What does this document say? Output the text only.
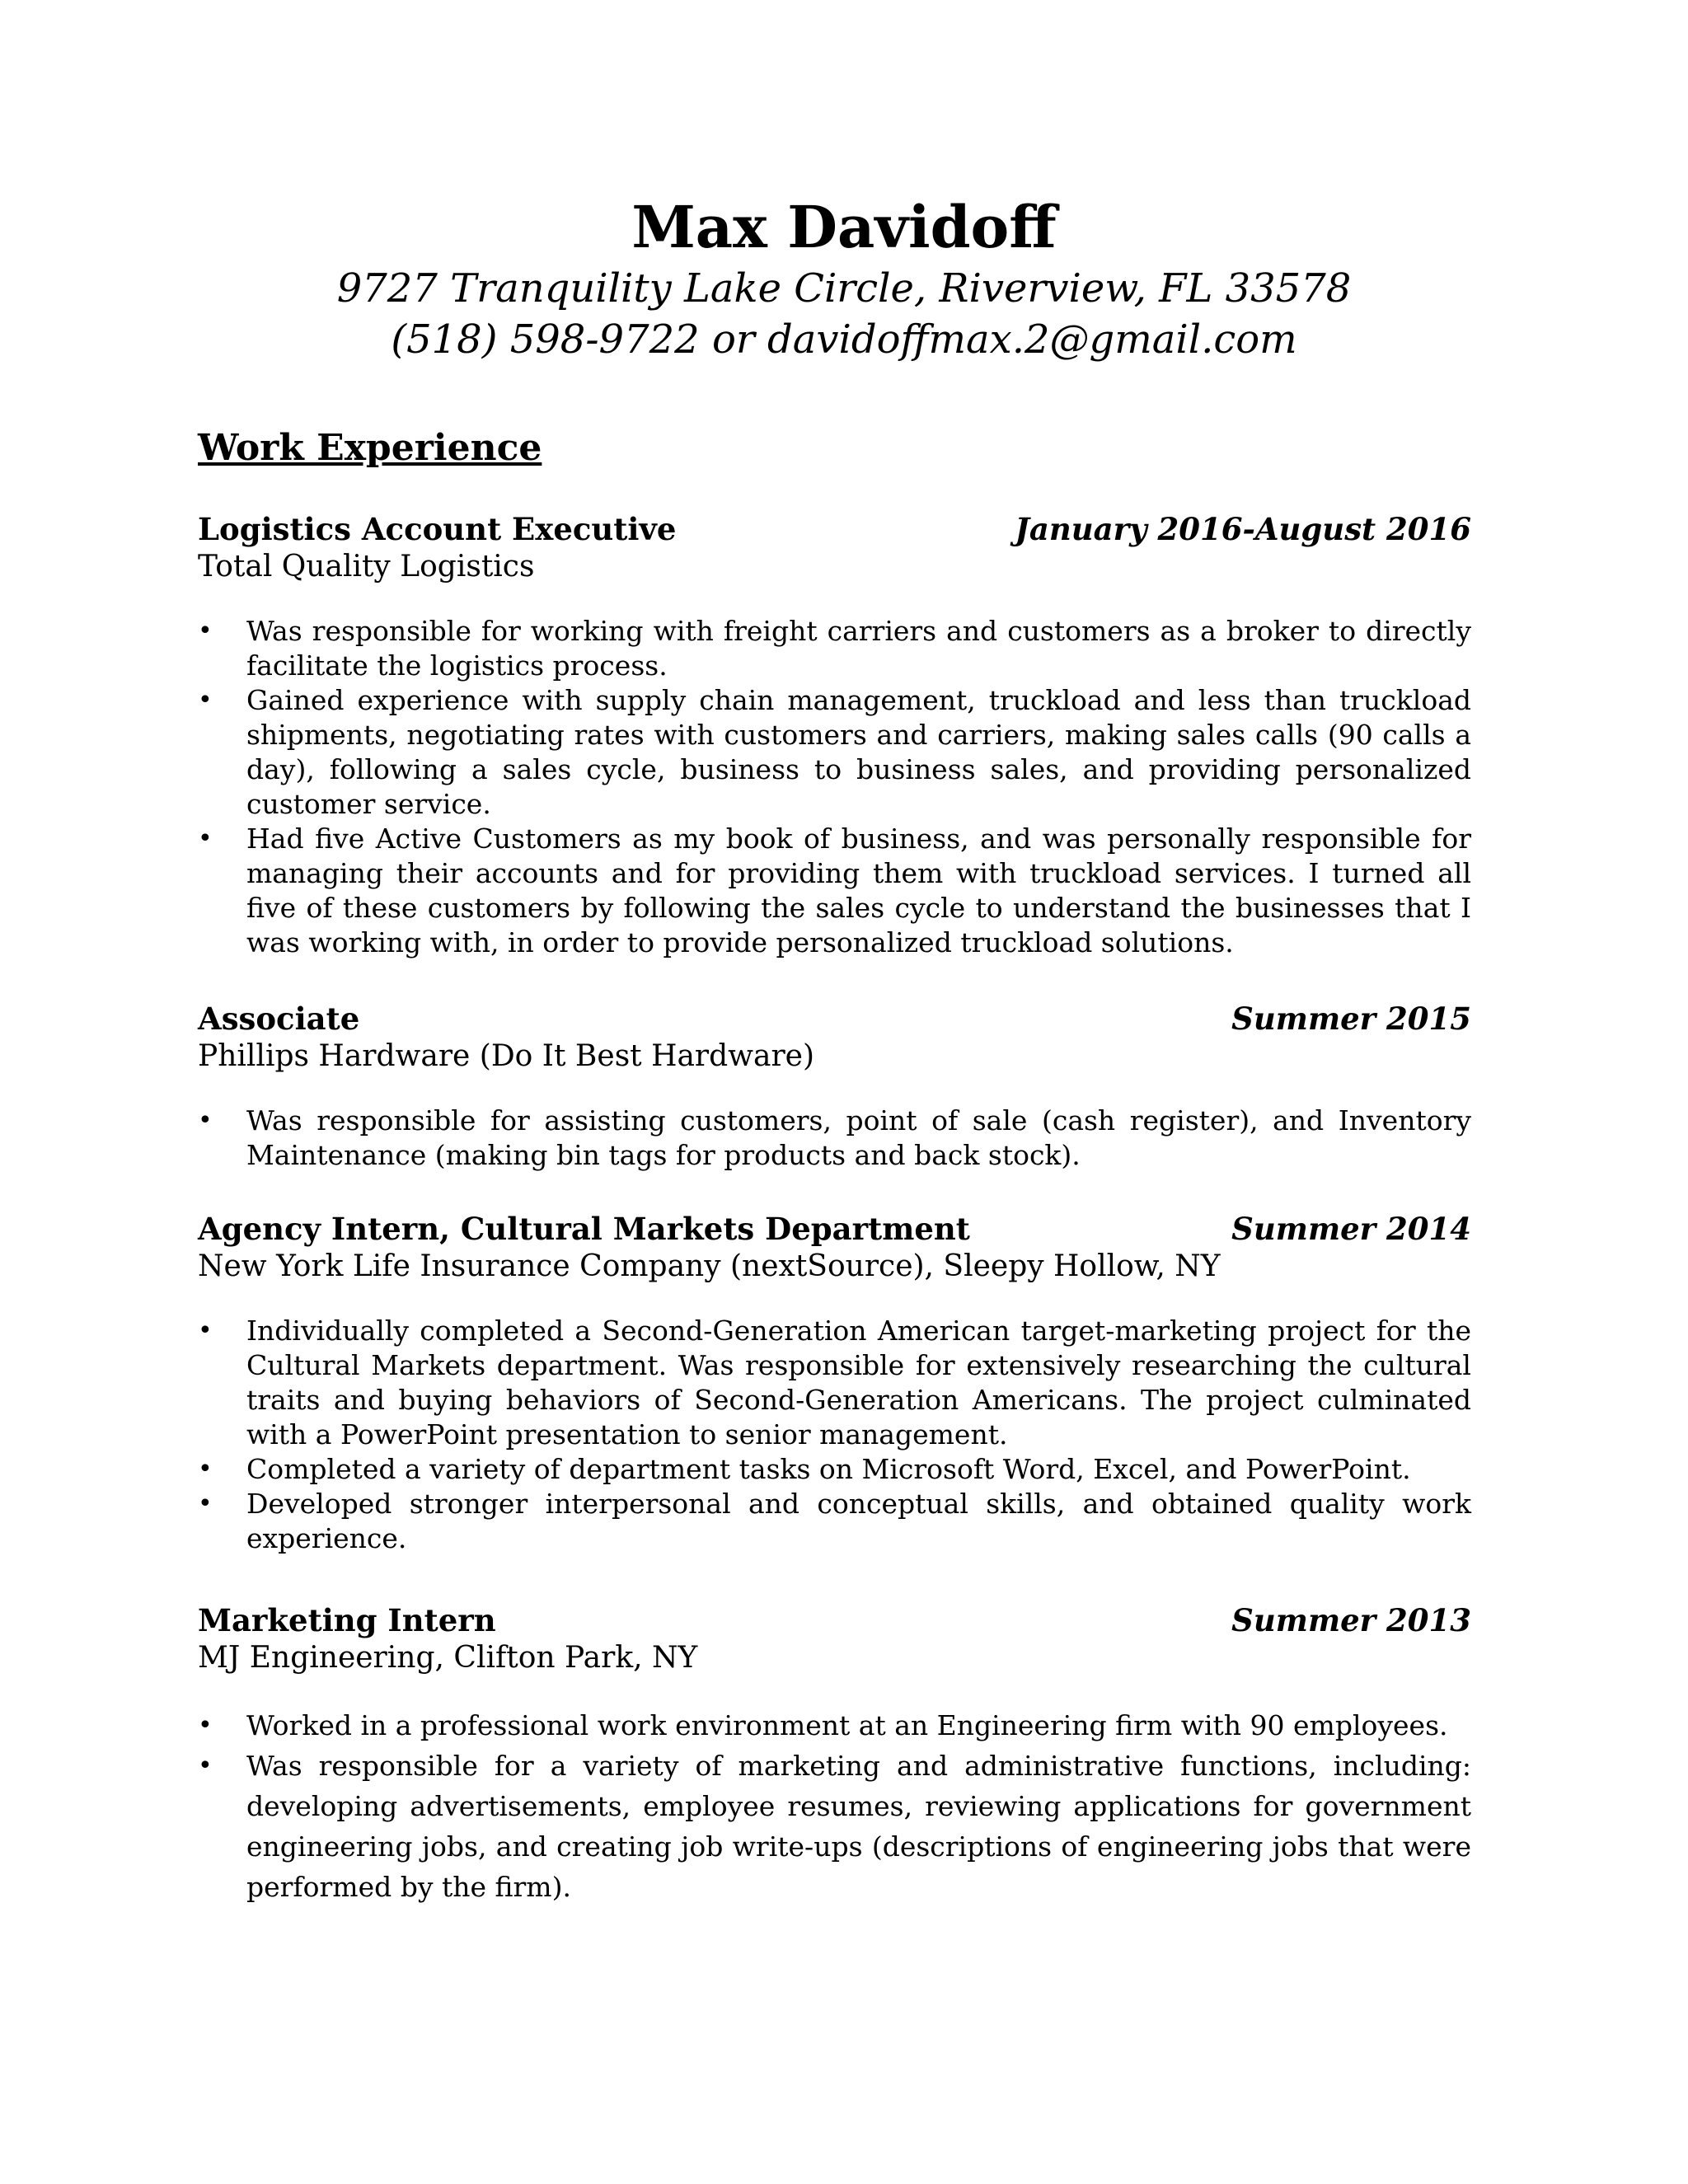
Max Davidoff
9727 Tranquility Lake Circle, Riverview, FL 33578
(518) 598-9722 or davidoffmax.2@gmail.com
Work Experience
Logistics Account Executive	January 2016-August 2016
Total Quality Logistics
• Was responsible for working with freight carriers and customers as a broker to directly facilitate the logistics process.
• Gained experience with supply chain management, truckload and less than truckload shipments, negotiating rates with customers and carriers, making sales calls (90 calls a day), following a sales cycle, business to business sales, and providing personalized customer service.
• Had five Active Customers as my book of business, and was personally responsible for managing their accounts and for providing them with truckload services. I turned all five of these customers by following the sales cycle to understand the businesses that I was working with, in order to provide personalized truckload solutions.
Associate	Summer 2015
Phillips Hardware (Do It Best Hardware)
• Was responsible for assisting customers, point of sale (cash register), and Inventory Maintenance (making bin tags for products and back stock).
Agency Intern, Cultural Markets Department	Summer 2014
New York Life Insurance Company (nextSource), Sleepy Hollow, NY
• Individually completed a Second-Generation American target-marketing project for the Cultural Markets department. Was responsible for extensively researching the cultural traits and buying behaviors of Second-Generation Americans. The project culminated with a PowerPoint presentation to senior management.
• Completed a variety of department tasks on Microsoft Word, Excel, and PowerPoint.
• Developed stronger interpersonal and conceptual skills, and obtained quality work experience.
Marketing Intern	Summer 2013
MJ Engineering, Clifton Park, NY
• Worked in a professional work environment at an Engineering firm with 90 employees.
• Was responsible for a variety of marketing and administrative functions, including: developing advertisements, employee resumes, reviewing applications for government engineering jobs, and creating job write-ups (descriptions of engineering jobs that were performed by the firm).
